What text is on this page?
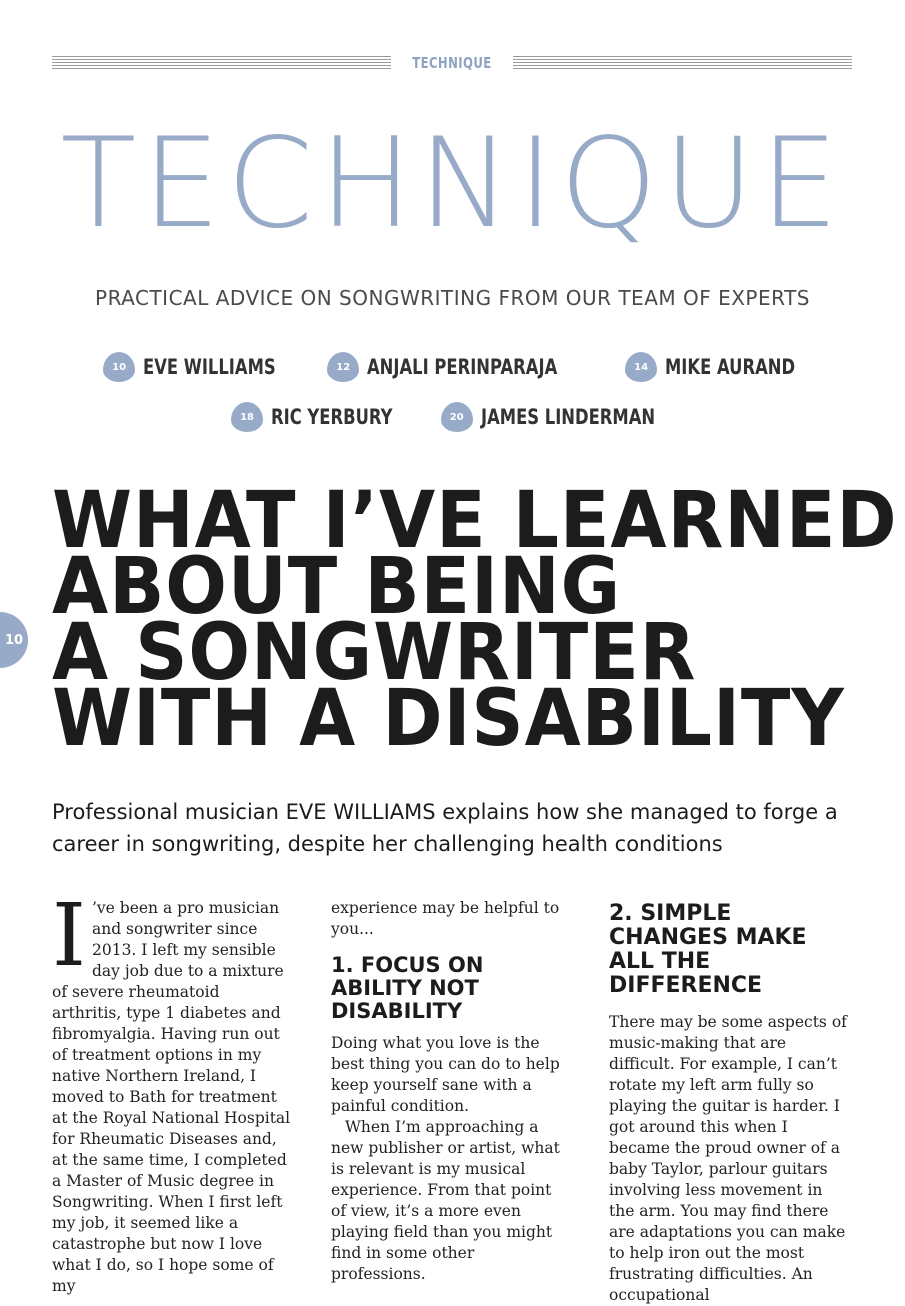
TECHNIQUE
TECHNIQUE
PRACTICAL ADVICE ON SONGWRITING FROM OUR TEAM OF EXPERTS
10 EVE WILLIAMS	12 ANJALI PERINPARAJA	14 MIKE AURAND
18 RIC YERBURY	20 JAMES LINDERMAN
10
WHAT I’VE LEARNED
ABOUT BEING
A SONGWRITER
WITH A DISABILITY
Professional musician EVE WILLIAMS explains how she managed to forge a career in songwriting, despite her challenging health conditions
I ’ve been a pro musician and songwriter since 2013. I left my sensible day job due to a mixture of severe rheumatoid arthritis, type 1 diabetes and fibromyalgia. Having run out of treatment options in my native Northern Ireland, I moved to Bath for treatment at the Royal National Hospital for Rheumatic Diseases and, at the same time, I completed a Master of Music degree in Songwriting. When I first left my job, it seemed like a catastrophe but now I love what I do, so I hope some of my

experience may be helpful to you...

1. FOCUS ON ABILITY NOT DISABILITY

Doing what you love is the best thing you can do to help keep yourself sane with a painful condition.

When I’m approaching a new publisher or artist, what is relevant is my musical experience. From that point of view, it’s a more even playing field than you might find in some other professions.

2. SIMPLE CHANGES MAKE ALL THE DIFFERENCE

There may be some aspects of music-making that are difficult. For example, I can’t rotate my left arm fully so playing the guitar is harder. I got around this when I became the proud owner of a baby Taylor, parlour guitars involving less movement in the arm. You may find there are adaptations you can make to help iron out the most frustrating difficulties. An occupational
